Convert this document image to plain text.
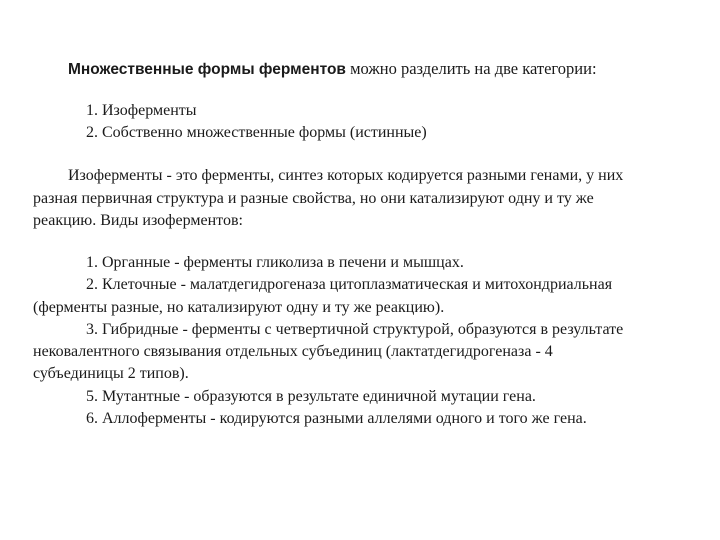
Множественные формы ферментов можно разделить на две категории:
1. Изоферменты
2. Собственно множественные формы (истинные)
Изоферменты - это ферменты, синтез которых кодируется разными генами, у них
разная первичная структура и разные свойства, но они катализируют одну и ту же
реакцию. Виды изоферментов:
1. Органные - ферменты гликолиза в печени и мышцах.
2. Клеточные - малатдегидрогеназа цитоплазматическая и митохондриальная
(ферменты разные, но катализируют одну и ту же реакцию).
3. Гибридные - ферменты с четвертичной структурой, образуются в результате
нековалентного связывания отдельных субъединиц (лактатдегидрогеназа - 4
субъединицы 2 типов).
5. Мутантные - образуются в результате единичной мутации гена.
6. Аллоферменты - кодируются разными аллелями одного и того же гена.
